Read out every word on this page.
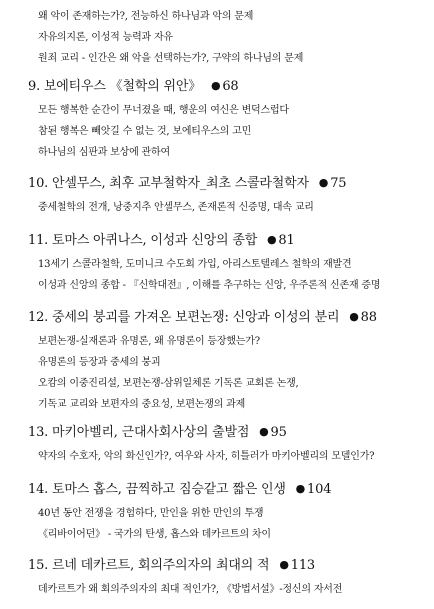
왜 악이 존재하는가?, 전능하신 하나님과 악의 문제
자유의지론, 이성적 능력과 자유
원죄 교리 - 인간은 왜 악을 선택하는가?, 구약의 하나님의 문제
9. 보에티우스 《철학의 위안》 ● 68
모든 행복한 순간이 무너졌을 때, 행운의 여신은 변덕스럽다
참된 행복은 빼앗길 수 없는 것, 보에티우스의 고민
하나님의 심판과 보상에 관하여
10. 안셀무스, 최후 교부철학자_최초 스콜라철학자 ● 75
중세철학의 전개, 낭중지추 안셀무스, 존재론적 신증명, 대속 교리
11. 토마스 아퀴나스, 이성과 신앙의 종합 ● 81
13세기 스콜라철학, 도미니크 수도회 가입, 아리스토텔레스 철학의 재발견
이성과 신앙의 종합 - 『신학대전』, 이해를 추구하는 신앙, 우주론적 신존재 증명
12. 중세의 붕괴를 가져온 보편논쟁: 신앙과 이성의 분리 ● 88
보편논쟁-실재론과 유명론, 왜 유명론이 등장했는가?
유명론의 등장과 중세의 붕괴
오캄의 이중진리설, 보편논쟁-삼위일체론 기독론 교회론 논쟁,
기독교 교리와 보편자의 중요성, 보편논쟁의 과제
13. 마키아벨리, 근대사회사상의 출발점 ● 95
약자의 수호자, 악의 화신인가?, 여우와 사자, 히틀러가 마키아벨리의 모델인가?
14. 토마스 홉스, 끔찍하고 짐승같고 짧은 인생 ● 104
40년 동안 전쟁을 경험하다, 만인을 위한 만인의 투쟁
《리바이어던》 - 국가의 탄생, 홉스와 데카르트의 차이
15. 르네 데카르트, 회의주의자의 최대의 적 ● 113
데카르트가 왜 회의주의자의 최대 적인가?, 《방법서설》-정신의 자서전
